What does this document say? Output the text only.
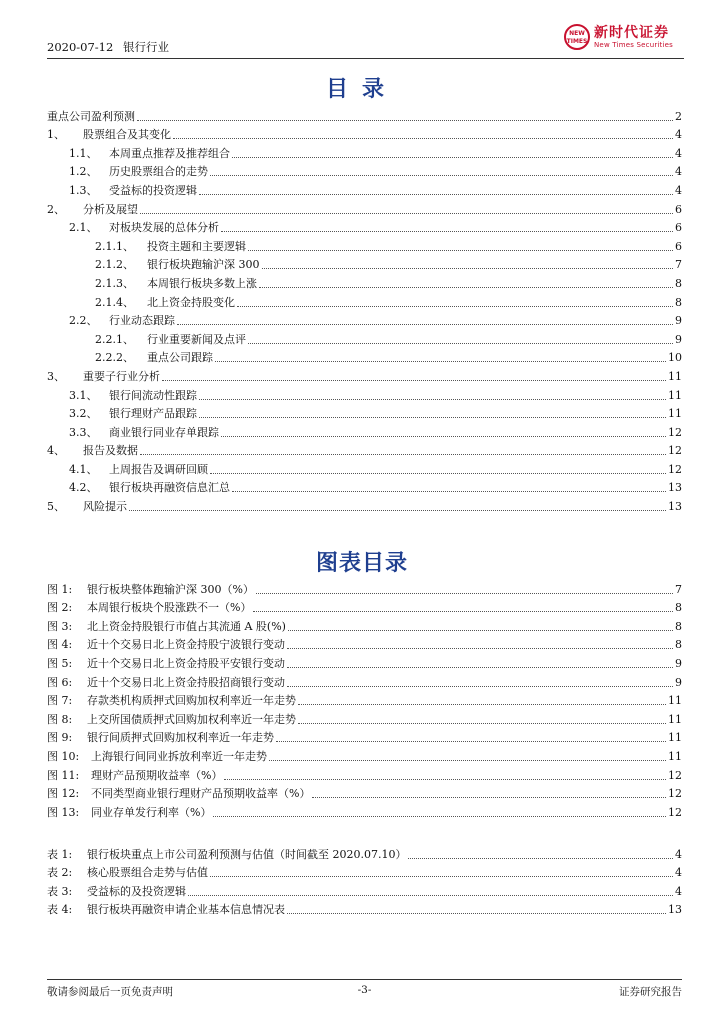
2020-07-12 银行行业
NEW TIMES
新时代证券
New Times Securities
目录
重点公司盈利预测	2
1、	股票组合及其变化	4
1.1、	本周重点推荐及推荐组合	4
1.2、	历史股票组合的走势	4
1.3、	受益标的投资逻辑	4
2、	分析及展望	6
2.1、	对板块发展的总体分析	6
2.1.1、	投资主题和主要逻辑	6
2.1.2、	银行板块跑输沪深 300	7
2.1.3、	本周银行板块多数上涨	8
2.1.4、	北上资金持股变化	8
2.2、	行业动态跟踪	9
2.2.1、	行业重要新闻及点评	9
2.2.2、	重点公司跟踪	10
3、	重要子行业分析	11
3.1、	银行间流动性跟踪	11
3.2、	银行理财产品跟踪	11
3.3、	商业银行同业存单跟踪	12
4、	报告及数据	12
4.1、	上周报告及调研回顾	12
4.2、	银行板块再融资信息汇总	13
5、	风险提示	13
图表目录
图 1:	银行板块整体跑输沪深 300（%）	7
图 2:	本周银行板块个股涨跌不一（%）	8
图 3:	北上资金持股银行市值占其流通 A 股(%)	8
图 4:	近十个交易日北上资金持股宁波银行变动	8
图 5:	近十个交易日北上资金持股平安银行变动	9
图 6:	近十个交易日北上资金持股招商银行变动	9
图 7:	存款类机构质押式回购加权利率近一年走势	11
图 8:	上交所国债质押式回购加权利率近一年走势	11
图 9:	银行间质押式回购加权利率近一年走势	11
图 10:	上海银行间同业拆放利率近一年走势	11
图 11:	理财产品预期收益率（%）	12
图 12:	不同类型商业银行理财产品预期收益率（%）	12
图 13:	同业存单发行利率（%）	12
表 1:	银行板块重点上市公司盈利预测与估值（时间截至 2020.07.10）	4
表 2:	核心股票组合走势与估值	4
表 3:	受益标的及投资逻辑	4
表 4:	银行板块再融资申请企业基本信息情况表	13
敬请参阅最后一页免责声明	-3-	证券研究报告
